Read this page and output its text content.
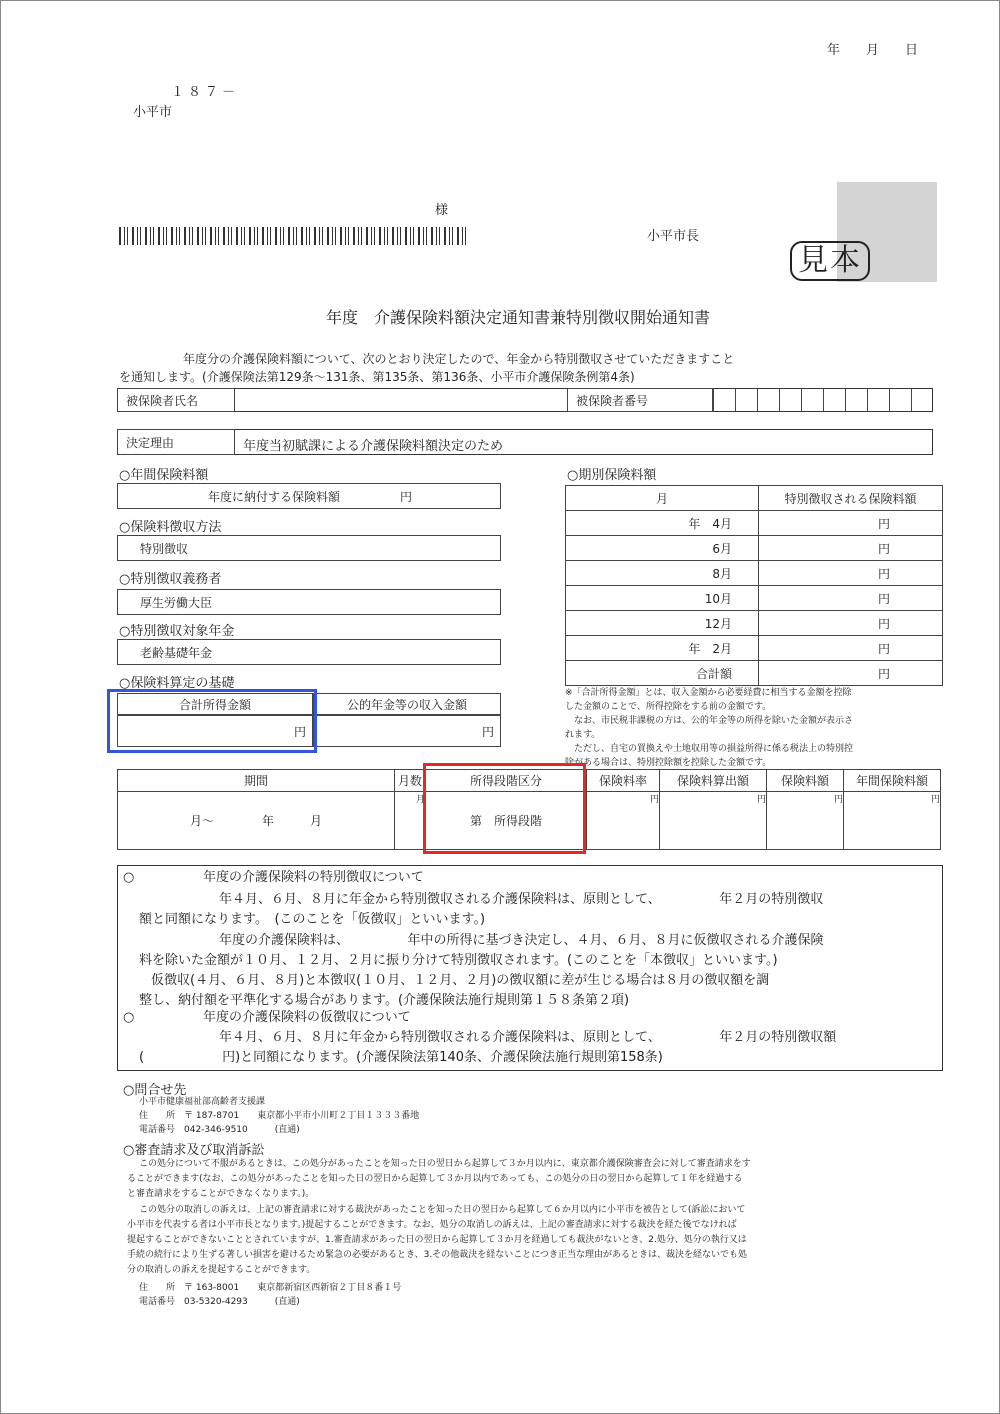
年　　月　　日
１８７－
小平市
様
小平市長
見本
年度　介護保険料額決定通知書兼特別徴収開始通知書
年度分の介護保険料額について、次のとおり決定したので、年金から特別徴収させていただきますこと
を通知します。(介護保険法第129条～131条、第135条、第136条、小平市介護保険条例第4条)
被保険者氏名	被保険者番号
決定理由	年度当初賦課による介護保険料額決定のため
○年間保険料額
年度に納付する保険料額　　　　　円
○保険料徴収方法
特別徴収
○特別徴収義務者
厚生労働大臣
○特別徴収対象年金
老齢基礎年金
○保険料算定の基礎
合計所得金額	公的年金等の収入金額
円	円
○期別保険料額
月	特別徴収される保険料額
年　4月	円
6月	円
8月	円
10月	円
12月	円
年　2月	円
合計額	円
※「合計所得金額」とは、収入金額から必要経費に相当する金額を控除
した金額のことで、所得控除をする前の金額です。
　なお、市民税非課税の方は、公的年金等の所得を除いた金額が表示さ
れます。
　ただし、自宅の買換えや土地収用等の損益所得に係る税法上の特別控
除がある場合は、特別控除額を控除した金額です。
期間	月数	所得段階区分	保険料率	保険料算出額	保険料額	年間保険料額
月～　　　　年　　　月	月	第　所得段階	円	円	円	円
○	年度の介護保険料の特別徴収について
年４月、６月、８月に年金から特別徴収される介護保険料は、原則として、　　　　　年２月の特別徴収
額と同額になります。　(このことを「仮徴収」といいます。)
年度の介護保険料は、　　　　　年中の所得に基づき決定し、４月、６月、８月に仮徴収される介護保険
料を除いた金額が１０月、１２月、２月に振り分けて特別徴収されます。(このことを「本徴収」といいます。)
仮徴収(４月、６月、８月)と本徴収(１０月、１２月、２月)の徴収額に差が生じる場合は８月の徴収額を調
整し、納付額を平準化する場合があります。(介護保険法施行規則第１５８条第２項)
○	年度の介護保険料の仮徴収について
年４月、６月、８月に年金から特別徴収される介護保険料は、原則として、　　　　　年２月の特別徴収額
(　　　　　　円)と同額になります。(介護保険法第140条、介護保険法施行規則第158条)
○問合せ先
小平市健康福祉部高齢者支援課
住　　所　〒 187-8701　　東京都小平市小川町２丁目１３３３番地
電話番号　042-346-9510　　　(直通)
○審査請求及び取消訴訟
この処分について不服があるときは、この処分があったことを知った日の翌日から起算して３か月以内に、東京都介護保険審査会に対して審査請求をす
ることができます(なお、この処分があったことを知った日の翌日から起算して３か月以内であっても、この処分の日の翌日から起算して１年を経過する
と審査請求をすることができなくなります。)。
この処分の取消しの訴えは、上記の審査請求に対する裁決があったことを知った日の翌日から起算して６か月以内に小平市を被告として(訴訟において
小平市を代表する者は小平市長となります。)提起することができます。なお、処分の取消しの訴えは、上記の審査請求に対する裁決を経た後でなければ
提起することができないこととされていますが、1.審査請求があった日の翌日から起算して３か月を経過しても裁決がないとき、2.処分、処分の執行又は
手続の続行により生ずる著しい損害を避けるため緊急の必要があるとき、3.その他裁決を経ないことにつき正当な理由があるときは、裁決を経ないでも処
分の取消しの訴えを提起することができます。
住　　所　〒 163-8001　　東京都新宿区西新宿２丁目８番１号
電話番号　03-5320-4293　　　(直通)
